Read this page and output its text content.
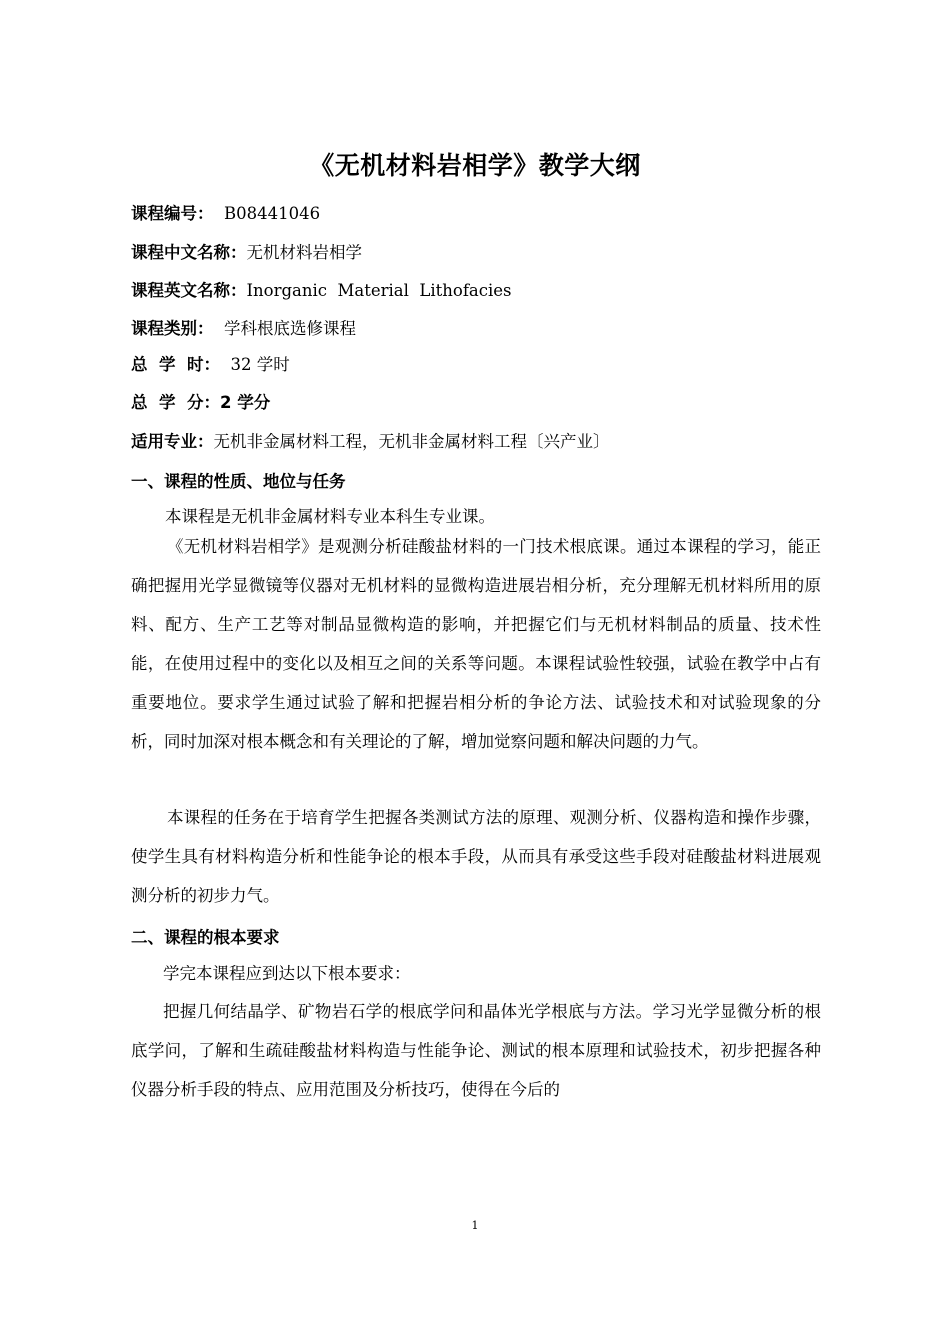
《无机材料岩相学》教学大纲
课程编号： B08441046
课程中文名称：无机材料岩相学
课程英文名称：Inorganic  Material  Lithofacies
课程类别： 学科根底选修课程
总  学  时： 32 学时
总  学  分：2 学分
适用专业：无机非金属材料工程，无机非金属材料工程〔兴产业〕
一、课程的性质、地位与任务
本课程是无机非金属材料专业本科生专业课。
《无机材料岩相学》是观测分析硅酸盐材料的一门技术根底课。通过本课程的学习，能正确把握用光学显微镜等仪器对无机材料的显微构造进展岩相分析，充分理解无机材料所用的原料、配方、生产工艺等对制品显微构造的影响，并把握它们与无机材料制品的质量、技术性能，在使用过程中的变化以及相互之间的关系等问题。本课程试验性较强，试验在教学中占有重要地位。要求学生通过试验了解和把握岩相分析的争论方法、试验技术和对试验现象的分析，同时加深对根本概念和有关理论的了解，增加觉察问题和解决问题的力气。
本课程的任务在于培育学生把握各类测试方法的原理、观测分析、仪器构造和操作步骤，使学生具有材料构造分析和性能争论的根本手段，从而具有承受这些手段对硅酸盐材料进展观测分析的初步力气。
二、课程的根本要求
学完本课程应到达以下根本要求：
把握几何结晶学、矿物岩石学的根底学问和晶体光学根底与方法。学习光学显微分析的根底学问，了解和生疏硅酸盐材料构造与性能争论、测试的根本原理和试验技术，初步把握各种仪器分析手段的特点、应用范围及分析技巧，使得在今后的
1
